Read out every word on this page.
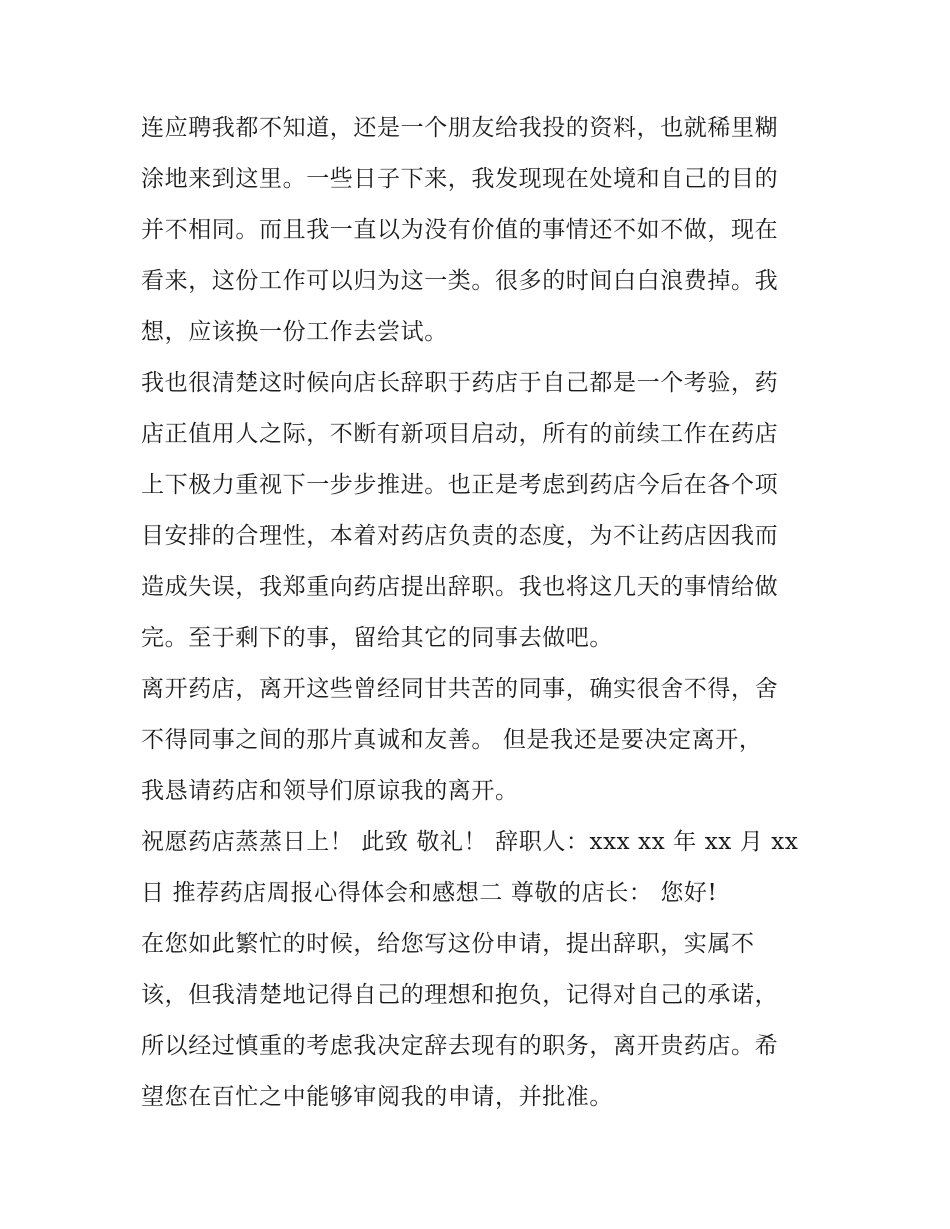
连应聘我都不知道，还是一个朋友给我投的资料，也就稀里糊
涂地来到这里。一些日子下来，我发现现在处境和自己的目的
并不相同。而且我一直以为没有价值的事情还不如不做，现在
看来，这份工作可以归为这一类。很多的时间白白浪费掉。我
想，应该换一份工作去尝试。
我也很清楚这时候向店长辞职于药店于自己都是一个考验，药
店正值用人之际，不断有新项目启动，所有的前续工作在药店
上下极力重视下一步步推进。也正是考虑到药店今后在各个项
目安排的合理性，本着对药店负责的态度，为不让药店因我而
造成失误，我郑重向药店提出辞职。我也将这几天的事情给做
完。至于剩下的事，留给其它的同事去做吧。
离开药店，离开这些曾经同甘共苦的同事，确实很舍不得，舍
不得同事之间的那片真诚和友善。 但是我还是要决定离开，
我恳请药店和领导们原谅我的离开。
祝愿药店蒸蒸日上！ 此致 敬礼！ 辞职人：xxx xx 年 xx 月 xx
日 推荐药店周报心得体会和感想二 尊敬的店长： 您好!
在您如此繁忙的时候，给您写这份申请，提出辞职，实属不
该，但我清楚地记得自己的理想和抱负，记得对自己的承诺，
所以经过慎重的考虑我决定辞去现有的职务，离开贵药店。希
望您在百忙之中能够审阅我的申请，并批准。
